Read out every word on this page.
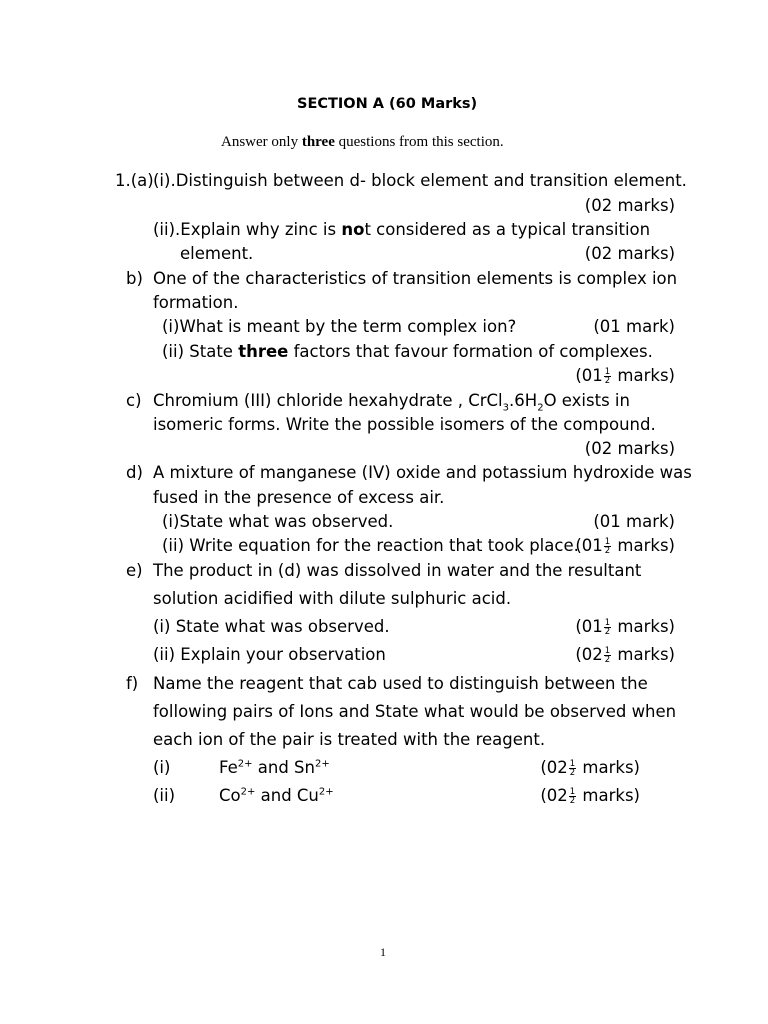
SECTION A (60 Marks)
Answer only three questions from this section.
1.(a) (i).Distinguish between d- block element and transition element.
(02 marks)
(ii).Explain why zinc is not considered as a typical transition
element.	(02 marks)
b) One of the characteristics of transition elements is complex ion
formation.
(i)What is meant by the term complex ion?	(01 mark)
(ii) State three factors that favour formation of complexes.
($01 \frac{1}{2}$ marks)
c) Chromium (III) chloride hexahydrate , $CrCl_3.6H_2O$ exists in
isomeric forms. Write the possible isomers of the compound.
(02 marks)
d) A mixture of manganese (IV) oxide and potassium hydroxide was
fused in the presence of excess air.
(i)State what was observed.	(01 mark)
(ii) Write equation for the reaction that took place.
($01 \frac{1}{2}$ marks)
e) The product in (d) was dissolved in water and the resultant
solution acidified with dilute sulphuric acid.
(i) State what was observed.	($01 \frac{1}{2}$ marks)
(ii) Explain your observation	($02 \frac{1}{2}$ marks)
f) Name the reagent that cab used to distinguish between the
following pairs of Ions and State what would be observed when
each ion of the pair is treated with the reagent.
(i)	$Fe^{2+}$ and $Sn^{2+}$	($02 \frac{1}{2}$ marks)
(ii)	$Co^{2+}$ and $Cu^{2+}$	($02 \frac{1}{2}$ marks)
1
